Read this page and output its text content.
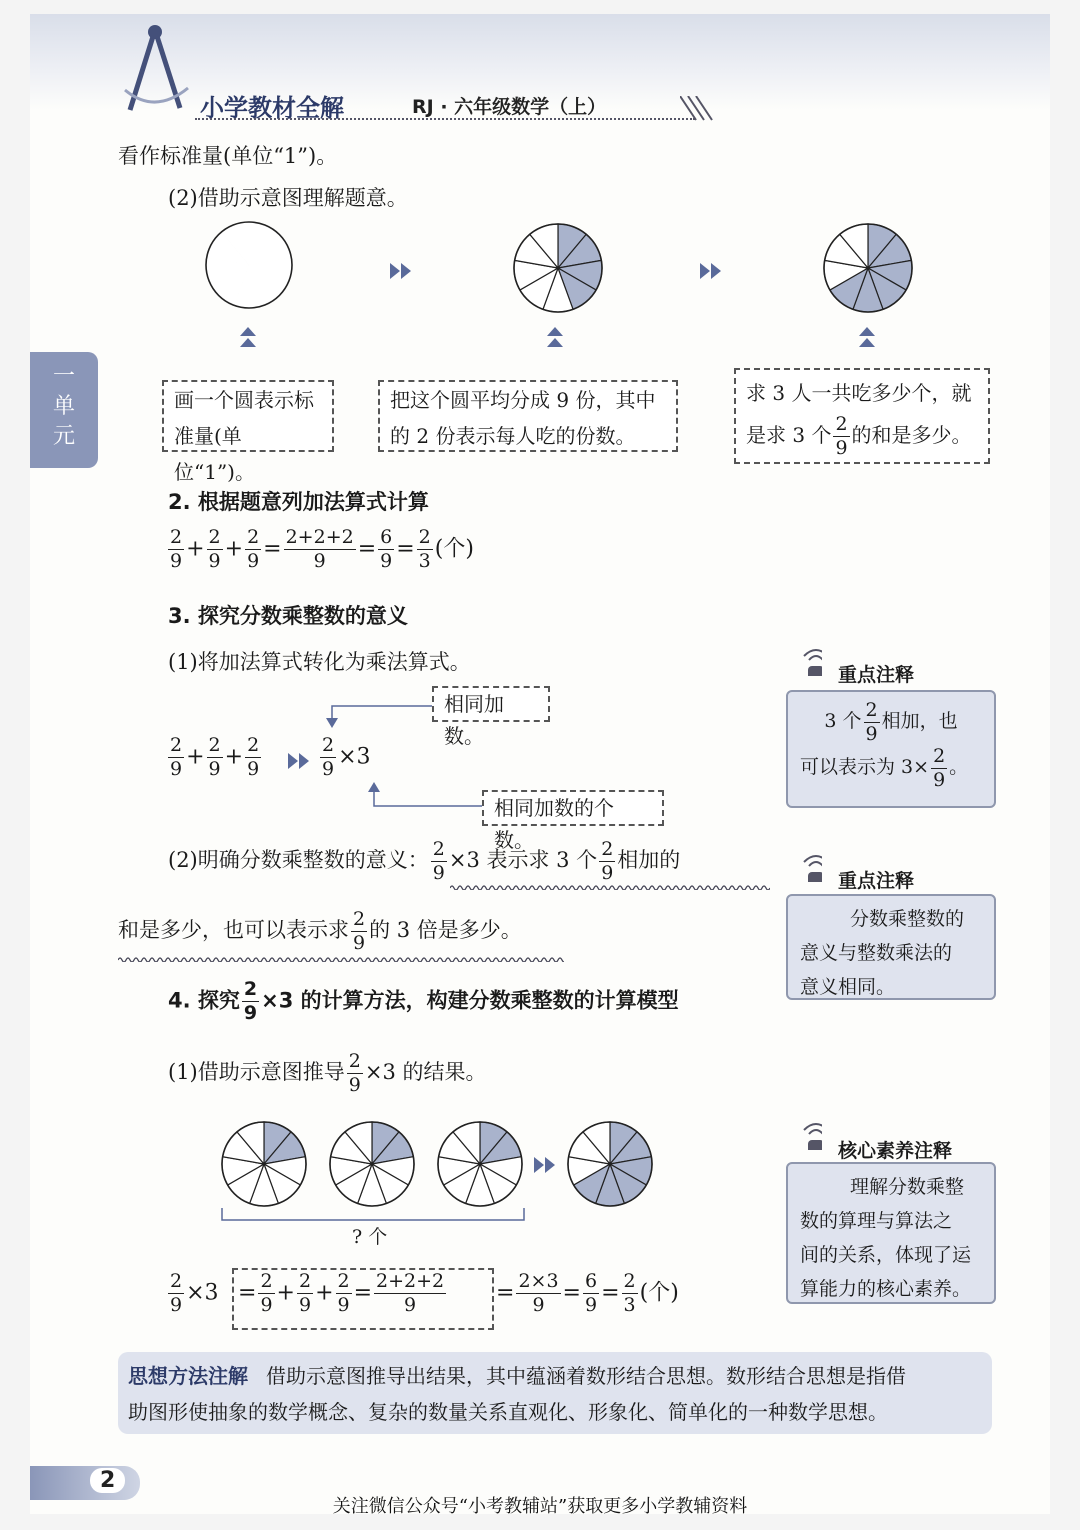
小学教材全解	RJ · 六年级数学（上）
一
单
元
看作标准量(单位“1”)。
(2)借助示意图理解题意。
画一个圆表示标
准量(单位“1”)。
把这个圆平均分成 9 份，其中
的 2 份表示每人吃的份数。
求 3 人一共吃多少个，就
是求 3 个 $\frac{2}{9}$ 的和是多少。
2. 根据题意列加法算式计算
$\frac{2}{9} + \frac{2}{9} + \frac{2}{9} = \frac{2+2+2}{9} = \frac{6}{9} = \frac{2}{3}$ (个)
3. 探究分数乘整数的意义
(1)将加法算式转化为乘法算式。
相同加数。
$\frac{2}{9} + \frac{2}{9} + \frac{2}{9}$	$\frac{2}{9} \times 3$
相同加数的个数。
重点注释
3 个 $\frac{2}{9}$ 相加，也
可以表示为 $3\times \frac{2}{9}$ 。
(2)明确分数乘整数的意义： $\frac{2}{9} \times 3$ 表示求 3 个 $\frac{2}{9}$ 相加的
和是多少，也可以表示求 $\frac{2}{9}$ 的 3 倍是多少。
重点注释
分数乘整数的
意义与整数乘法的
意义相同。
4. 探究 $\frac{2}{9} \times 3$ 的计算方法，构建分数乘整数的计算模型
(1)借助示意图推导 $\frac{2}{9} \times 3$ 的结果。
? 个
$\frac{2}{9} \times 3 = \frac{2}{9} + \frac{2}{9} + \frac{2}{9} = \frac{2+2+2}{9} = \frac{2\times 3}{9} = \frac{6}{9} = \frac{2}{3}$ (个)
核心素养注释
理解分数乘整
数的算理与算法之
间的关系，体现了运
算能力的核心素养。
思想方法注解 借助示意图推导出结果，其中蕴涵着数形结合思想。数形结合思想是指借
助图形使抽象的数学概念、复杂的数量关系直观化、形象化、简单化的一种数学思想。
2
关注微信公众号“小考教辅站”获取更多小学教辅资料
